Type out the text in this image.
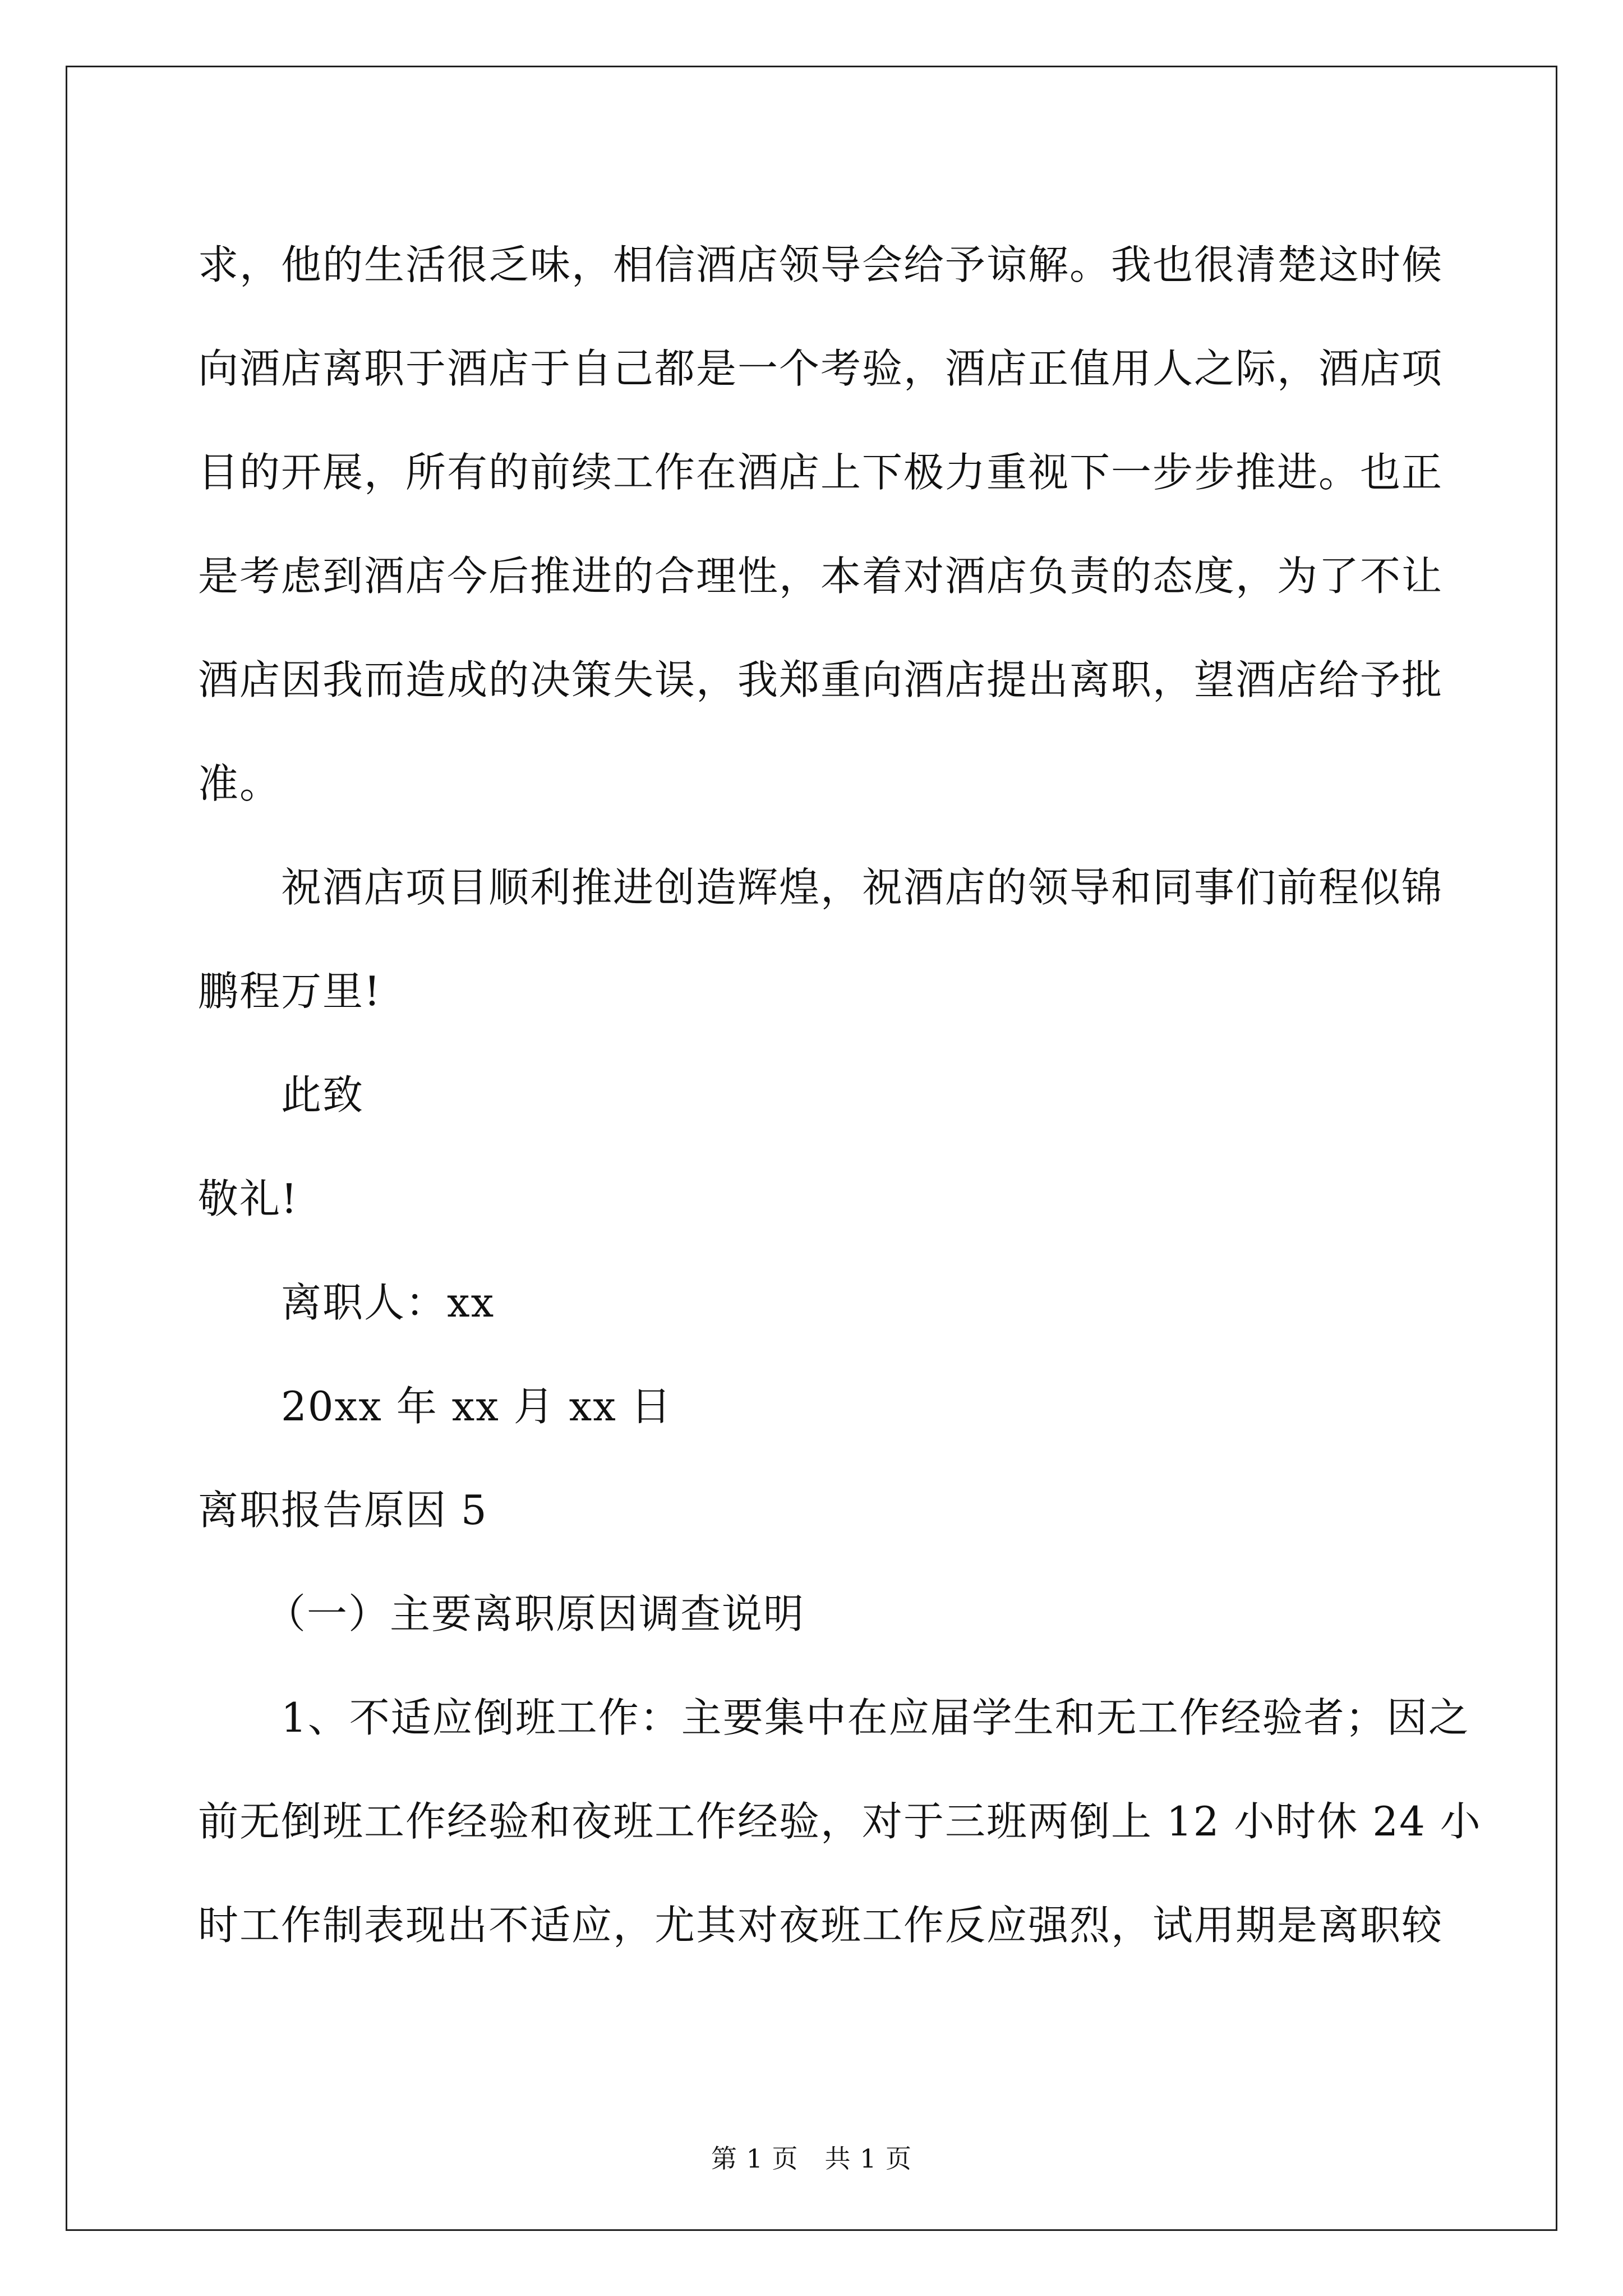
求，他的生活很乏味，相信酒店领导会给予谅解。我也很清楚这时候

向酒店离职于酒店于自己都是一个考验，酒店正值用人之际，酒店项

目的开展，所有的前续工作在酒店上下极力重视下一步步推进。也正

是考虑到酒店今后推进的合理性，本着对酒店负责的态度，为了不让

酒店因我而造成的决策失误，我郑重向酒店提出离职，望酒店给予批

准。

祝酒店项目顺利推进创造辉煌，祝酒店的领导和同事们前程似锦

鹏程万里!

此致

敬礼!

离职人：xx

20xx 年 xx 月 xx 日

离职报告原因 5

（一）主要离职原因调查说明

1、不适应倒班工作：主要集中在应届学生和无工作经验者；因之

前无倒班工作经验和夜班工作经验，对于三班两倒上 12 小时休 24 小

时工作制表现出不适应，尤其对夜班工作反应强烈，试用期是离职较

第 1 页　共 1 页
